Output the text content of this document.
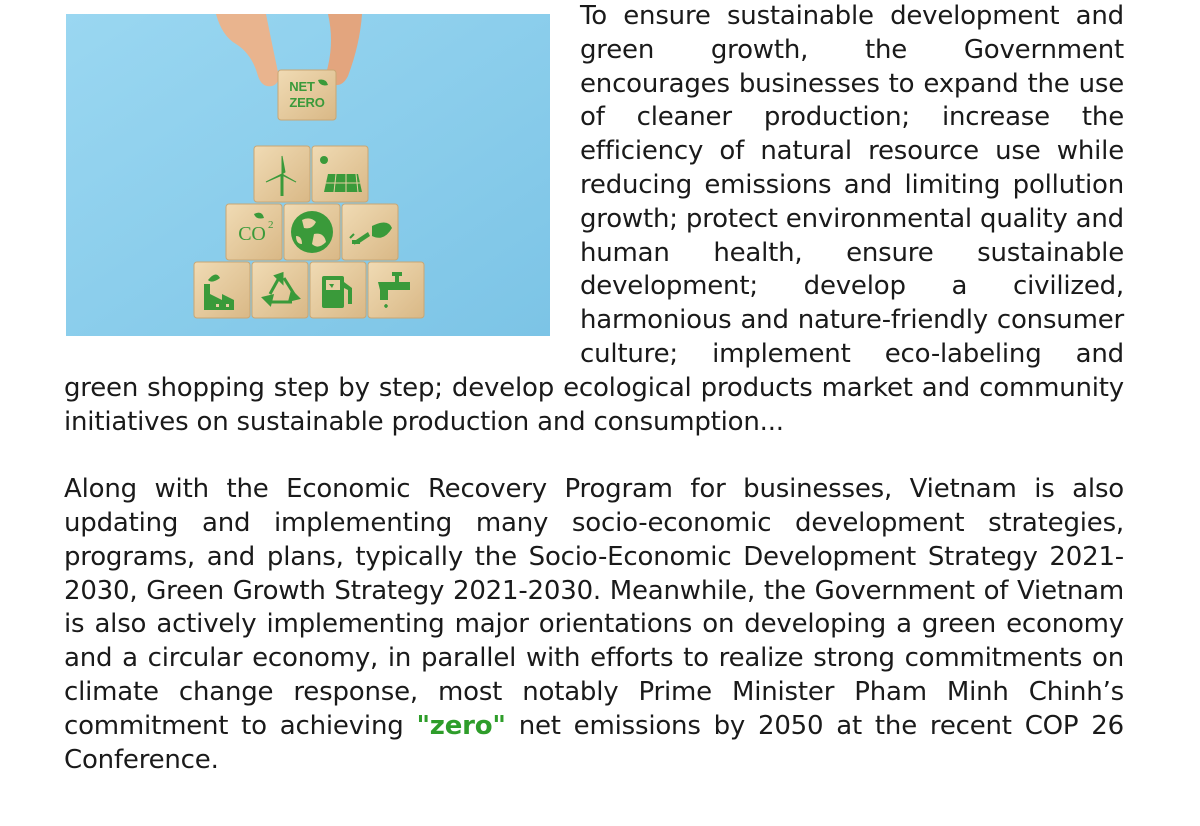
NET
ZERO
CO 2

To ensure sustainable development and green growth, the Government encourages businesses to expand the use of cleaner production; increase the efficiency of natural resource use while reducing emissions and limiting pollution growth; protect environmental quality and human health, ensure sustainable development; develop a civilized, harmonious and nature-friendly consumer culture; implement eco-labeling and green shopping step by step; develop ecological products market and community initiatives on sustainable production and consumption...

Along with the Economic Recovery Program for businesses, Vietnam is also updating and implementing many socio-economic development strategies, programs, and plans, typically the Socio-Economic Development Strategy 2021-2030, Green Growth Strategy 2021-2030. Meanwhile, the Government of Vietnam is also actively implementing major orientations on developing a green economy and a circular economy, in parallel with efforts to realize strong commitments on climate change response, most notably Prime Minister Pham Minh Chinh’s commitment to achieving "zero" net emissions by 2050 at the recent COP 26 Conference.
